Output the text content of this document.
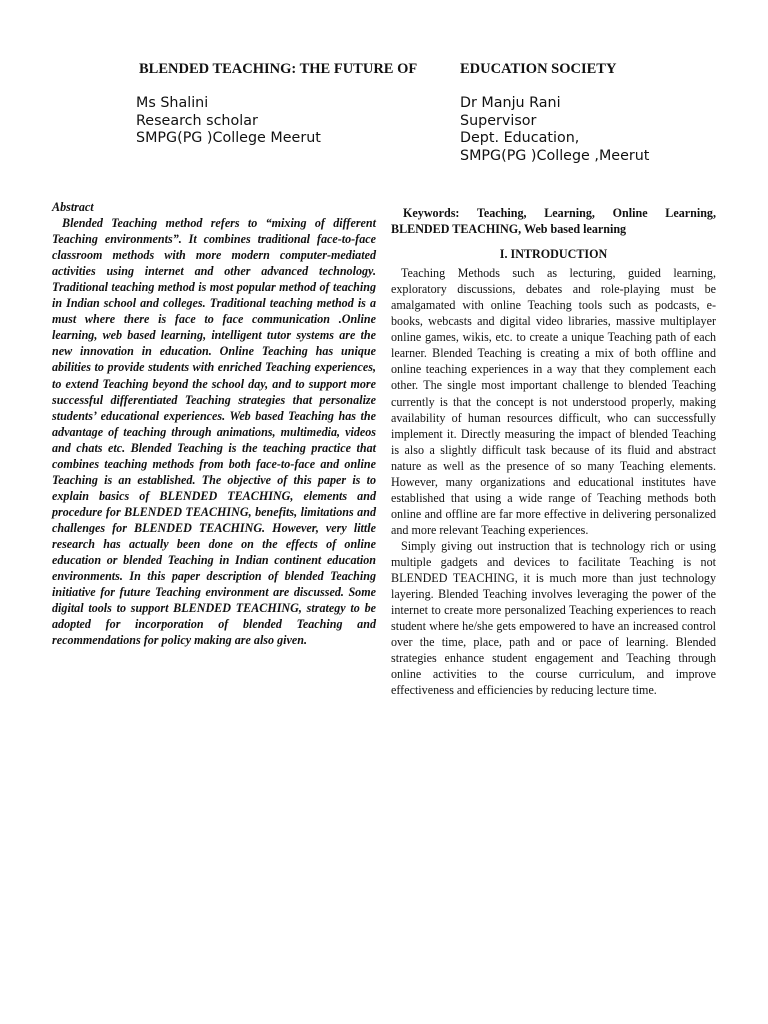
BLENDED TEACHING: THE FUTURE OF	EDUCATION SOCIETY
Ms Shalini
Research scholar
SMPG(PG )College Meerut
Dr Manju Rani
Supervisor
Dept. Education,
SMPG(PG )College ,Meerut
Abstract

Blended Teaching method refers to “mixing of different Teaching environments”. It combines traditional face-to-face classroom methods with more modern computer-mediated activities using internet and other advanced technology. Traditional teaching method is most popular method of teaching in Indian school and colleges. Traditional teaching method is a must where there is face to face communication .Online learning, web based learning, intelligent tutor systems are the new innovation in education. Online Teaching has unique abilities to provide students with enriched Teaching experiences, to extend Teaching beyond the school day, and to support more successful differentiated Teaching strategies that personalize students’ educational experiences. Web based Teaching has the advantage of teaching through animations, multimedia, videos and chats etc. Blended Teaching is the teaching practice that combines teaching methods from both face-to-face and online Teaching is an established. The objective of this paper is to explain basics of BLENDED TEACHING, elements and procedure for BLENDED TEACHING, benefits, limitations and challenges for BLENDED TEACHING. However, very little research has actually been done on the effects of online education or blended Teaching in Indian continent education environments. In this paper description of blended Teaching initiative for future Teaching environment are discussed. Some digital tools to support BLENDED TEACHING, strategy to be adopted for incorporation of blended Teaching and recommendations for policy making are also given.

Keywords: Teaching, Learning, Online Learning, BLENDED TEACHING, Web based learning

I. INTRODUCTION

Teaching Methods such as lecturing, guided learning, exploratory discussions, debates and role-playing must be amalgamated with online Teaching tools such as podcasts, e-books, webcasts and digital video libraries, massive multiplayer online games, wikis, etc. to create a unique Teaching path of each learner. Blended Teaching is creating a mix of both offline and online teaching experiences in a way that they complement each other. The single most important challenge to blended Teaching currently is that the concept is not understood properly, making availability of human resources difficult, who can successfully implement it. Directly measuring the impact of blended Teaching is also a slightly difficult task because of its fluid and abstract nature as well as the presence of so many Teaching elements. However, many organizations and educational institutes have established that using a wide range of Teaching methods both online and offline are far more effective in delivering personalized and more relevant Teaching experiences.

Simply giving out instruction that is technology rich or using multiple gadgets and devices to facilitate Teaching is not BLENDED TEACHING, it is much more than just technology layering. Blended Teaching involves leveraging the power of the internet to create more personalized Teaching experiences to reach student where he/she gets empowered to have an increased control over the time, place, path and or pace of learning. Blended strategies enhance student engagement and Teaching through online activities to the course curriculum, and improve effectiveness and efficiencies by reducing lecture time.
